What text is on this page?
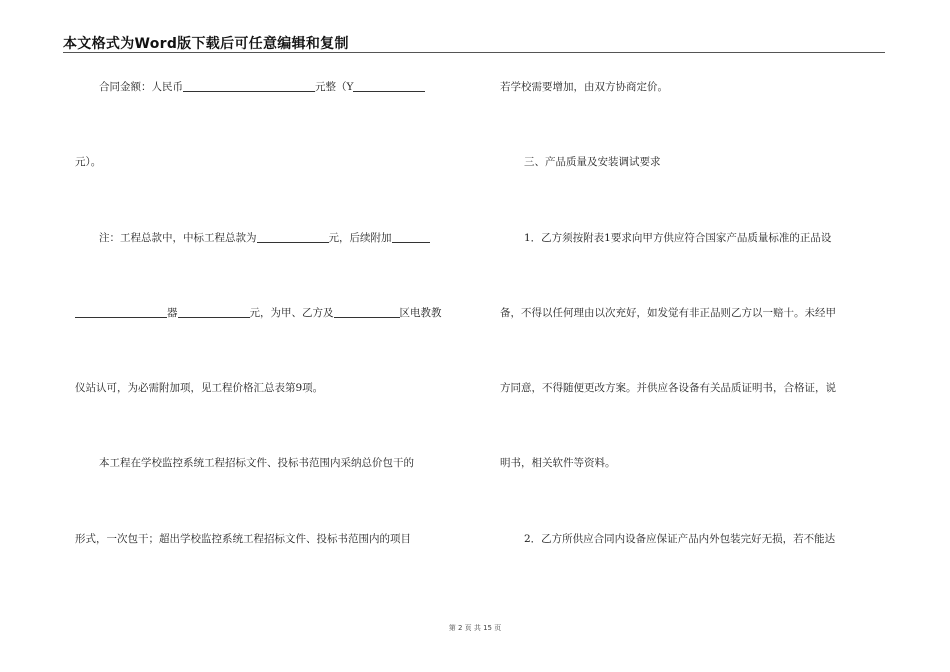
本文格式为Word版下载后可任意编辑和复制
合同金额：人民币	元整（Y
元）。
注：工程总款中，中标工程总款为	元，后续附加
器	元，为甲、乙方及	区电教教
仪站认可，为必需附加项，见工程价格汇总表第9项。
本工程在学校监控系统工程招标文件、投标书范围内采纳总价包干的
形式，一次包干；超出学校监控系统工程招标文件、投标书范围内的项目
若学校需要增加，由双方协商定价。
三、产品质量及安装调试要求
1．乙方须按附表1要求向甲方供应符合国家产品质量标准的正品设
备，不得以任何理由以次充好，如发觉有非正品则乙方以一赔十。未经甲
方同意，不得随便更改方案。并供应各设备有关品质证明书，合格证，说
明书，相关软件等资料。
2．乙方所供应合同内设备应保证产品内外包装完好无损，若不能达
第 2 页 共 15 页
